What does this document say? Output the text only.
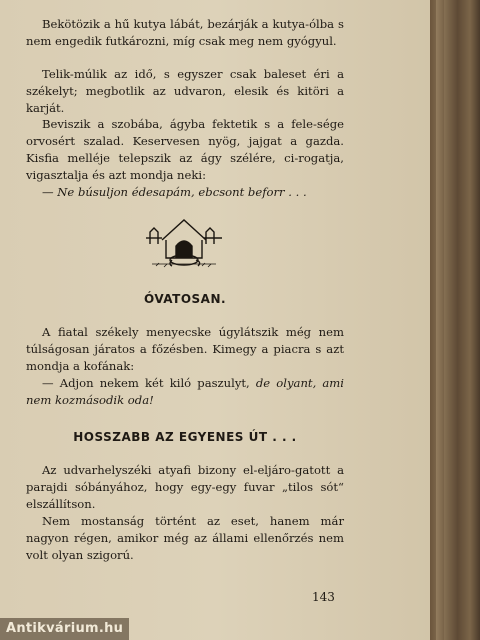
Bekötözik a hű kutya lábát, bezárják a kutya-ólba s nem engedik futkározni, míg csak meg nem gyógyul.

Telik-múlik az idő, s egyszer csak baleset éri a székelyt; megbotlik az udvaron, elesik és kitöri a karját.

Beviszik a szobába, ágyba fektetik s a fele-sége orvosért szalad. Keservesen nyög, jajgat a gazda. Kisfia melléje telepszik az ágy szélére, ci-rogatja, vigasztalja és azt mondja neki:

— Ne búsuljon édesapám, ebcsont beforr . . .

ÓVATOSAN.

A fiatal székely menyecske úgylátszik még nem túlságosan járatos a főzésben. Kimegy a piacra s azt mondja a kofának:

— Adjon nekem két kiló paszulyt, de olyant, ami nem kozmásodik oda!

HOSSZABB AZ EGYENES ÚT . . .

Az udvarhelyszéki atyafi bizony el-eljáro-gatott a parajdi sóbányához, hogy egy-egy fuvar „tilos sót“ elszállítson.

Nem mostanság történt az eset, hanem már nagyon régen, amikor még az állami ellenőrzés nem volt olyan szigorú.

143
Antikvárium.hu
